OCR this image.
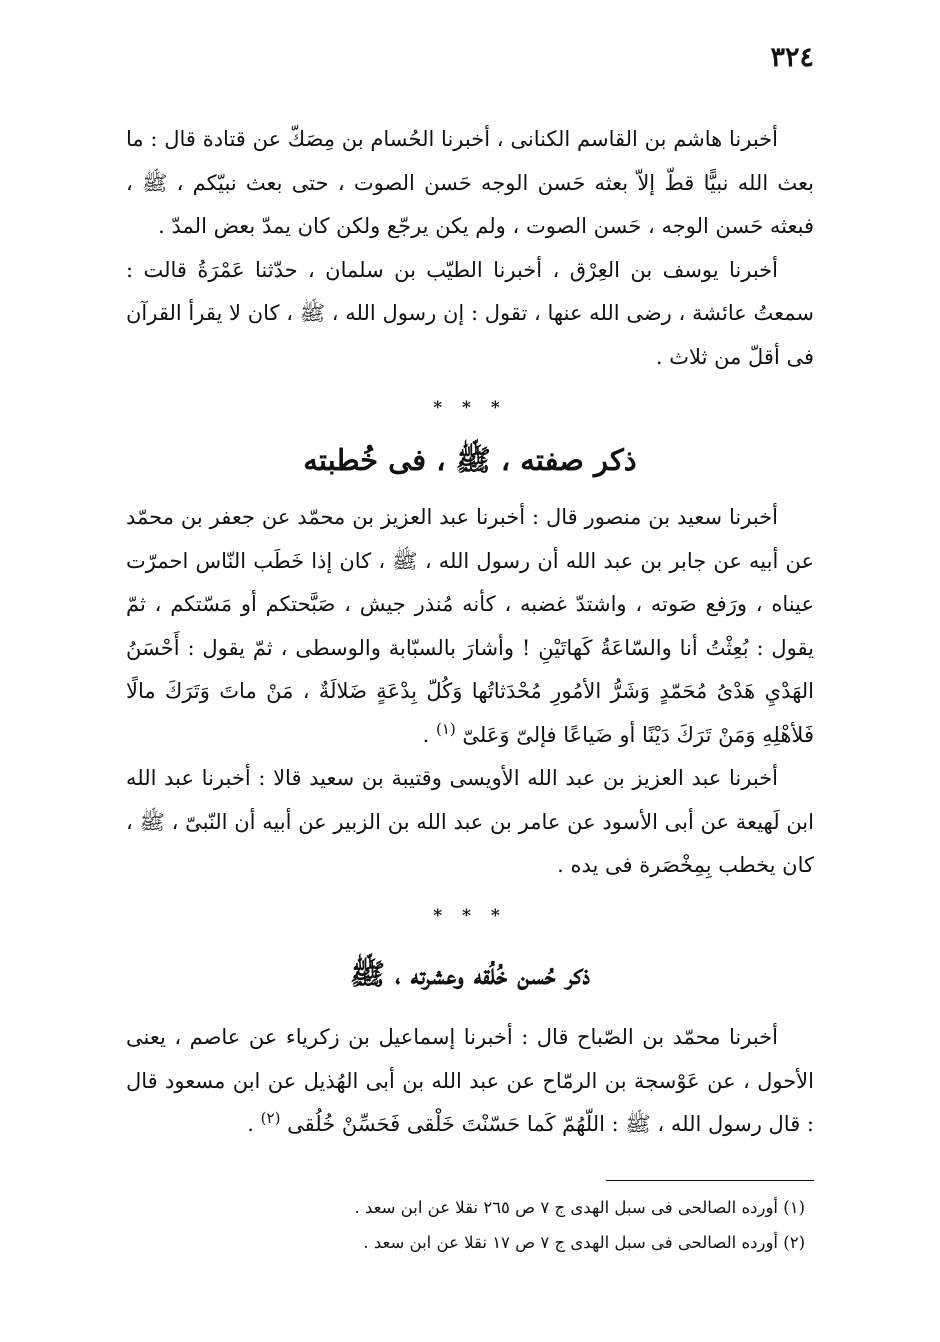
٣٢٤

أخبرنا هاشم بن القاسم الكنانى ، أخبرنا الحُسام بن مِصَكّ عن قتادة قال : ما بعث الله نبيًّا قطّ إلاّ بعثه حَسن الوجه حَسن الصوت ، حتى بعث نبيّكم ، ﷺ ، فبعثه حَسن الوجه ، حَسن الصوت ، ولم يكن يرجّع ولكن كان يمدّ بعض المدّ .

أخبرنا يوسف بن العِرْق ، أخبرنا الطيّب بن سلمان ، حدّثنا عَمْرَةُ قالت : سمعتُ عائشة ، رضى الله عنها ، تقول : إن رسول الله ، ﷺ ، كان لا يقرأ القرآن فى أقلّ من ثلاث .

* * *
ذكر صفته ، ﷺ ، فى خُطبته

أخبرنا سعيد بن منصور قال : أخبرنا عبد العزيز بن محمّد عن جعفر بن محمّد عن أبيه عن جابر بن عبد الله أن رسول الله ، ﷺ ، كان إذا خَطَب النّاس احمرّت عيناه ، ورَفع صَوته ، واشتدّ غضبه ، كأنه مُنذر جيش ، صَبَّحتكم أو مَسّتكم ، ثمّ يقول : بُعِثْتُ أنا والسّاعَةُ كَهاتَيْنِ ! وأشارَ بالسبّابة والوسطى ، ثمّ يقول : أَحْسَنُ الهَدْيِ هَدْىُ مُحَمّدٍ وَشَرُّ الأمُورِ مُحْدَثاتُها وَكُلّ بِدْعَةٍ ضَلالَةٌ ، مَنْ ماتَ وَتَرَكَ مالًا فَلأهْلِهِ وَمَنْ تَرَكَ دَيْنًا أو ضَياعًا فإلىّ وَعَلىّ $^{(١)}$ .

أخبرنا عبد العزيز بن عبد الله الأويسى وقتيبة بن سعيد قالا : أخبرنا عبد الله ابن لَهيعة عن أبى الأسود عن عامر بن عبد الله بن الزبير عن أبيه أن النّبىّ ، ﷺ ، كان يخطب بِمِخْصَرة فى يده .

* * *
ذكر حُسن خُلُقه وعشرته ، ﷺ

أخبرنا محمّد بن الصّباح قال : أخبرنا إسماعيل بن زكرياء عن عاصم ، يعنى الأحول ، عن عَوْسجة بن الرمّاح عن عبد الله بن أبى الهُذيل عن ابن مسعود قال : قال رسول الله ، ﷺ : اللّهُمّ كَما حَسّنْتَ خَلْقى فَحَسِّنْ خُلُقى $^{(٢)}$ .

(١) أورده الصالحى فى سبل الهدى ج ٧ ص ٢٦٥ نقلا عن ابن سعد .

(٢) أورده الصالحى فى سبل الهدى ج ٧ ص ١٧ نقلا عن ابن سعد .
